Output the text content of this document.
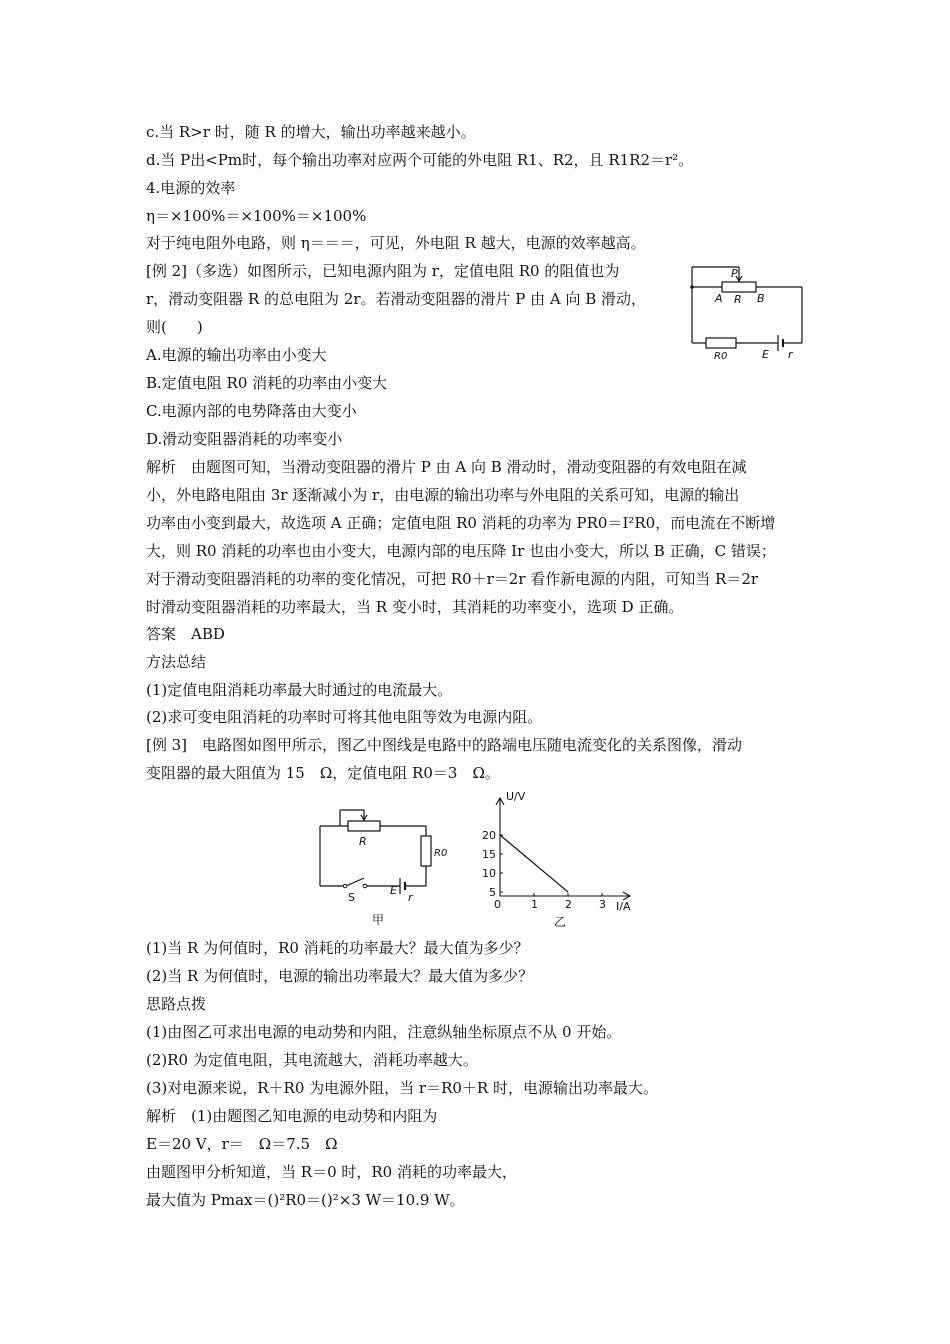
c.当 R>r 时，随 R 的增大，输出功率越来越小。
d.当 P出<Pm时，每个输出功率对应两个可能的外电阻 R1、R2，且 R1R2＝r²。
4.电源的效率
η＝×100%＝×100%＝×100%
对于纯电阻外电路，则 η＝＝＝，可见，外电阻 R 越大，电源的效率越高。
[例 2]（多选）如图所示，已知电源内阻为 r，定值电阻 R0 的阻值也为
r，滑动变阻器 R 的总电阻为 2r。若滑动变阻器的滑片 P 由 A 向 B 滑动，
则(　　)
A.电源的输出功率由小变大
B.定值电阻 R0 消耗的功率由小变大
C.电源内部的电势降落由大变小
D.滑动变阻器消耗的功率变小
解析　由题图可知，当滑动变阻器的滑片 P 由 A 向 B 滑动时，滑动变阻器的有效电阻在减
小，外电路电阻由 3r 逐渐减小为 r，由电源的输出功率与外电阻的关系可知，电源的输出
功率由小变到最大，故选项 A 正确；定值电阻 R0 消耗的功率为 PR0＝I²R0，而电流在不断增
大，则 R0 消耗的功率也由小变大，电源内部的电压降 Ir 也由小变大，所以 B 正确，C 错误；
对于滑动变阻器消耗的功率的变化情况，可把 R0＋r＝2r 看作新电源的内阻，可知当 R＝2r
时滑动变阻器消耗的功率最大，当 R 变小时，其消耗的功率变小，选项 D 正确。
答案　ABD
方法总结
(1)定值电阻消耗功率最大时通过的电流最大。
(2)求可变电阻消耗的功率时可将其他电阻等效为电源内阻。
[例 3]　电路图如图甲所示，图乙中图线是电路中的路端电压随电流变化的关系图像，滑动
变阻器的最大阻值为 15　Ω，定值电阻 R0＝3　Ω。
(1)当 R 为何值时，R0 消耗的功率最大？最大值为多少？
(2)当 R 为何值时，电源的输出功率最大？最大值为多少？
思路点拨
(1)由图乙可求出电源的电动势和内阻，注意纵轴坐标原点不从 0 开始。
(2)R0 为定值电阻，其电流越大，消耗功率越大。
(3)对电源来说，R＋R0 为电源外阻，当 r＝R0＋R 时，电源输出功率最大。
解析　(1)由题图乙知电源的电动势和内阻为
E＝20 V，r＝　Ω＝7.5　Ω
由题图甲分析知道，当 R＝0 时，R0 消耗的功率最大，
最大值为 Pmax＝()²R0＝()²×3 W＝10.9 W。
P
A R B
R0	E r
R
R0
S
E
r
甲
0	1 2 3
5
10
15
20
U/V
I/A
乙
